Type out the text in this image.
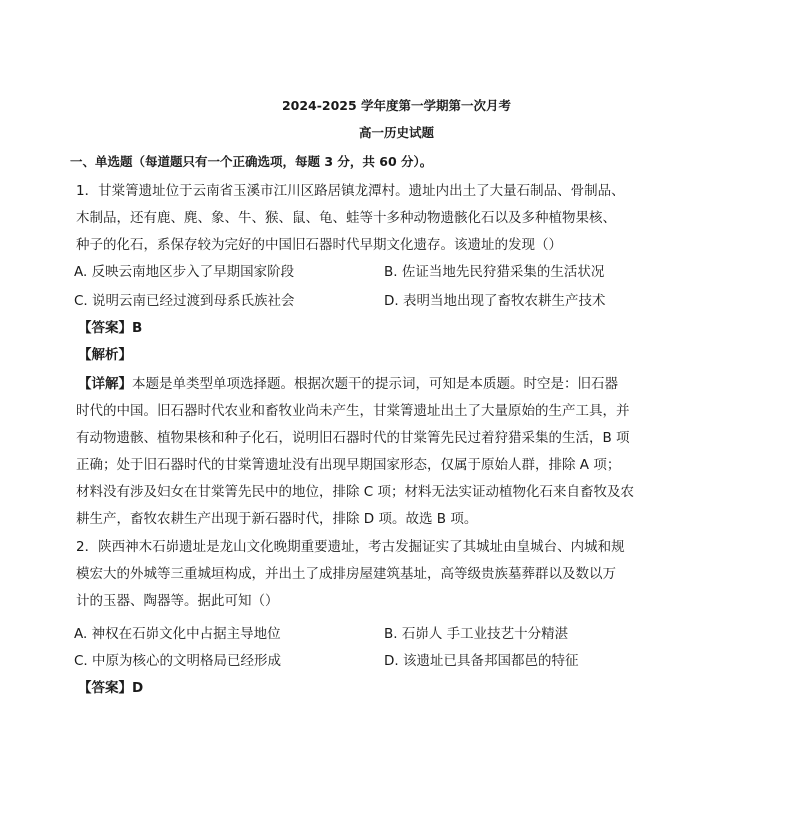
2024-2025 学年度第一学期第一次月考
高一历史试题
一、单选题（每道题只有一个正确选项，每题 3 分，共 60 分）。
1．甘棠箐遗址位于云南省玉溪市江川区路居镇龙潭村。遗址内出土了大量石制品、骨制品、
木制品，还有鹿、麂、象、牛、猴、鼠、龟、蛙等十多种动物遗骸化石以及多种植物果核、
种子的化石，系保存较为完好的中国旧石器时代早期文化遗存。该遗址的发现（）
A. 反映云南地区步入了早期国家阶段	B. 佐证当地先民狩猎采集的生活状况
C. 说明云南已经过渡到母系氏族社会	D. 表明当地出现了畜牧农耕生产技术
【答案】B
【解析】
【详解】本题是单类型单项选择题。根据次题干的提示词，可知是本质题。时空是：旧石器
时代的中国。旧石器时代农业和畜牧业尚未产生，甘棠箐遗址出土了大量原始的生产工具，并
有动物遗骸、植物果核和种子化石，说明旧石器时代的甘棠箐先民过着狩猎采集的生活，B 项
正确；处于旧石器时代的甘棠箐遗址没有出现早期国家形态，仅属于原始人群，排除 A 项；
材料没有涉及妇女在甘棠箐先民中的地位，排除 C 项；材料无法实证动植物化石来自畜牧及农
耕生产，畜牧农耕生产出现于新石器时代，排除 D 项。故选 B 项。
2．陕西神木石峁遗址是龙山文化晚期重要遗址，考古发掘证实了其城址由皇城台、内城和规
模宏大的外城等三重城垣构成，并出土了成排房屋建筑基址，高等级贵族墓葬群以及数以万
计的玉器、陶器等。据此可知（）
A. 神权在石峁文化中占据主导地位	B. 石峁人 手工业技艺十分精湛
C. 中原为核心的文明格局已经形成	D. 该遗址已具备邦国都邑的特征
【答案】D
